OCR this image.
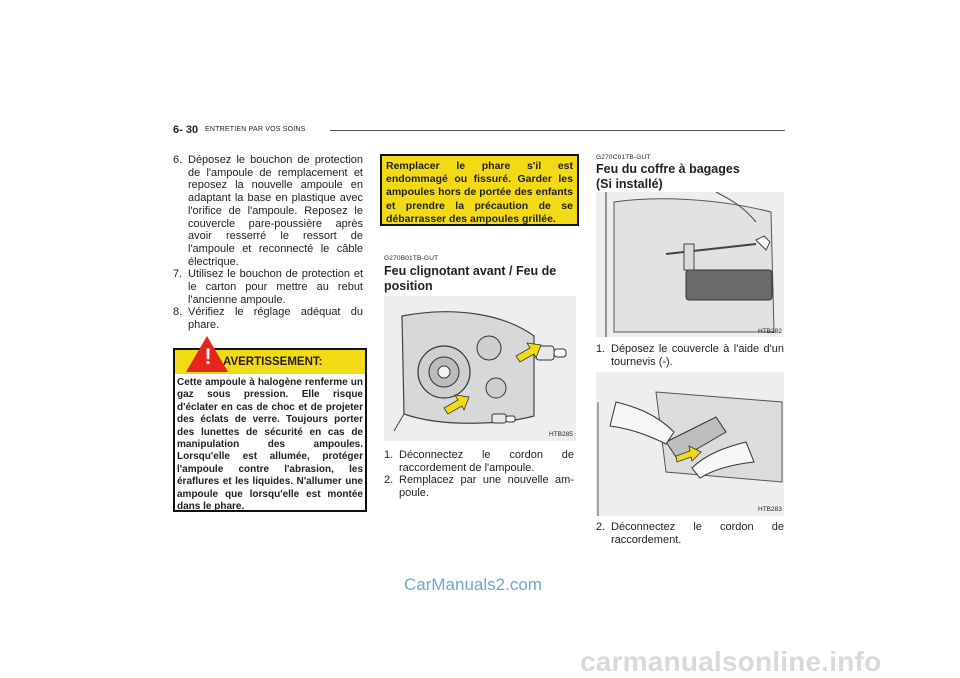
6- 30 ENTRETIEN PAR VOS SOINS
6. Déposez le bouchon de protection de l'ampoule de remplacement et reposez la nouvelle ampoule en adaptant la base en plastique avec l'orifice de l'ampoule. Reposez le couvercle pare-poussière après avoir resserré le ressort de l'ampoule et reconnecté le câble électrique.
7. Utilisez le bouchon de protection et le carton pour mettre au rebut l'ancienne ampoule.
8. Vérifiez le réglage adéquat du phare.
! AVERTISSEMENT:
Cette ampoule à halogène renferme un gaz sous pression. Elle risque d'éclater en cas de choc et de projeter des éclats de verre. Toujours porter des lunettes de sécurité en cas de manipulation des ampoules. Lorsqu'elle est allumée, protéger l'ampoule contre l'abrasion, les éraflures et les liquides. N'allumer une ampoule que lorsqu'elle est montée dans le phare.
Remplacer le phare s'il est endommagé ou fissuré. Garder les ampoules hors de portée des enfants et prendre la précaution de se débarrasser des ampoules grillée.
G270B01TB-GUT
Feu clignotant avant / Feu de position
HTB285
1. Déconnectez le cordon de raccordement de l'ampoule.
2. Remplacez par une nouvelle am-poule.
G270C01TB-GUT
Feu du coffre à bagages
(Si installé)
HTB282
1. Déposez le couvercle à l'aide d'un tournevis (-).
HTB283
2. Déconnectez le cordon de raccordement.
CarManuals2.com
carmanualsonline.info
